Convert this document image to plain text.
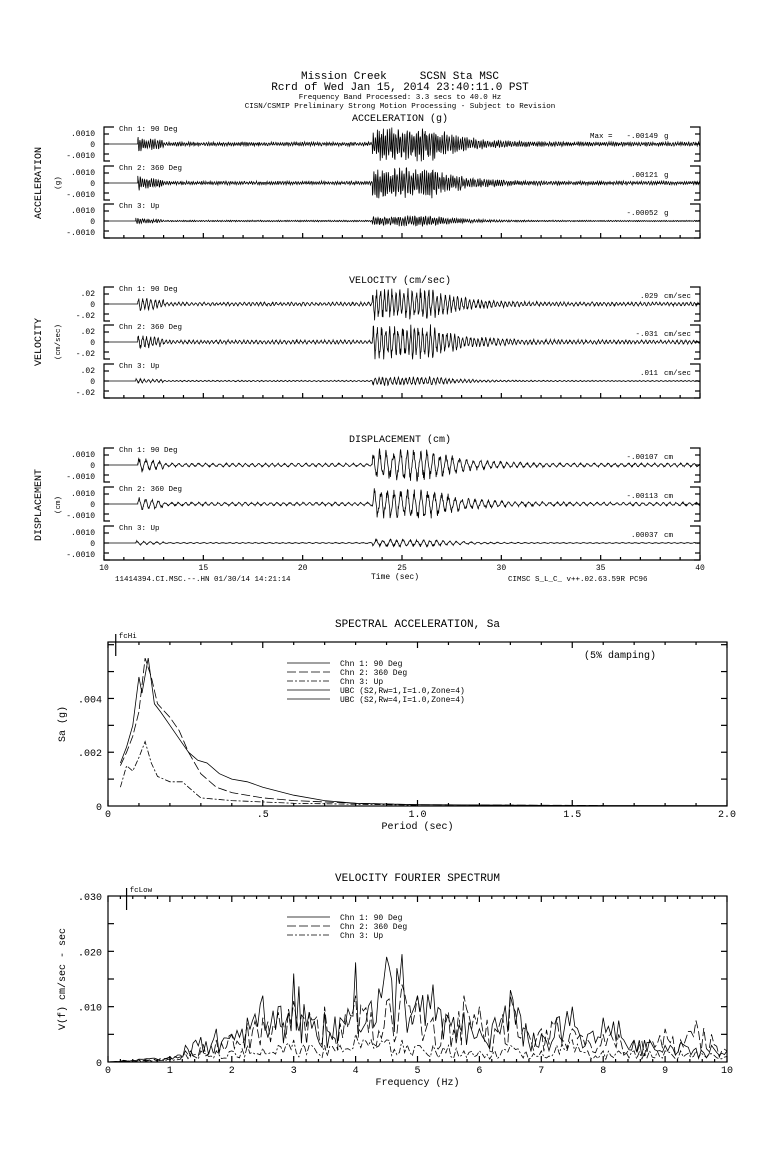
Mission Creek     SCSN Sta MSC
Rcrd of Wed Jan 15, 2014 23:40:11.0 PST
Frequency Band Processed: 3.3 secs to 40.0 Hz
CISN/CSMIP Preliminary Strong Motion Processing - Subject to Revision
ACCELERATION (g)
ACCELERATION (g)
.0010
0
-.0010
Chn 1: 90 Deg
Max = -.00149 g
.0010
0
-.0010
Chn 2: 360 Deg
.00121 g
.0010
0
-.0010
Chn 3: Up
-.00052 g
VELOCITY (cm/sec)
VELOCITY (cm/sec)
.02
0
-.02
Chn 1: 90 Deg
.029 cm/sec
.02
0
-.02
Chn 2: 360 Deg
-.031 cm/sec
.02
0
-.02
Chn 3: Up
.011 cm/sec
DISPLACEMENT (cm)
DISPLACEMENT (cm)
.0010
0
-.0010
Chn 1: 90 Deg
-.00107 cm
.0010
0
-.0010
Chn 2: 360 Deg
-.00113 cm
.0010
0
-.0010
Chn 3: Up
.00037 cm
10	15	20	25	30	35	40
Time (sec)
11414394.CI.MSC.--.HN 01/30/14 14:21:14	CIMSC S_L_C_ v++.02.63.59R PC96
SPECTRAL ACCELERATION, Sa
0	.5	1.0	1.5	2.0
0
.002
.004
Period (sec)
Sa (g)
fcHi
(5% damping)
Chn 1: 90 Deg
Chn 2: 360 Deg
Chn 3: Up
UBC (S2,Rw=1,I=1.0,Zone=4)
UBC (S2,Rw=4,I=1.0,Zone=4)
VELOCITY FOURIER SPECTRUM
0	1	2	3	4	5	6	7	8	9	10
0
.010
.020
.030
Frequency (Hz)
V(f) cm/sec - sec
fcLow
Chn 1: 90 Deg
Chn 2: 360 Deg
Chn 3: Up
